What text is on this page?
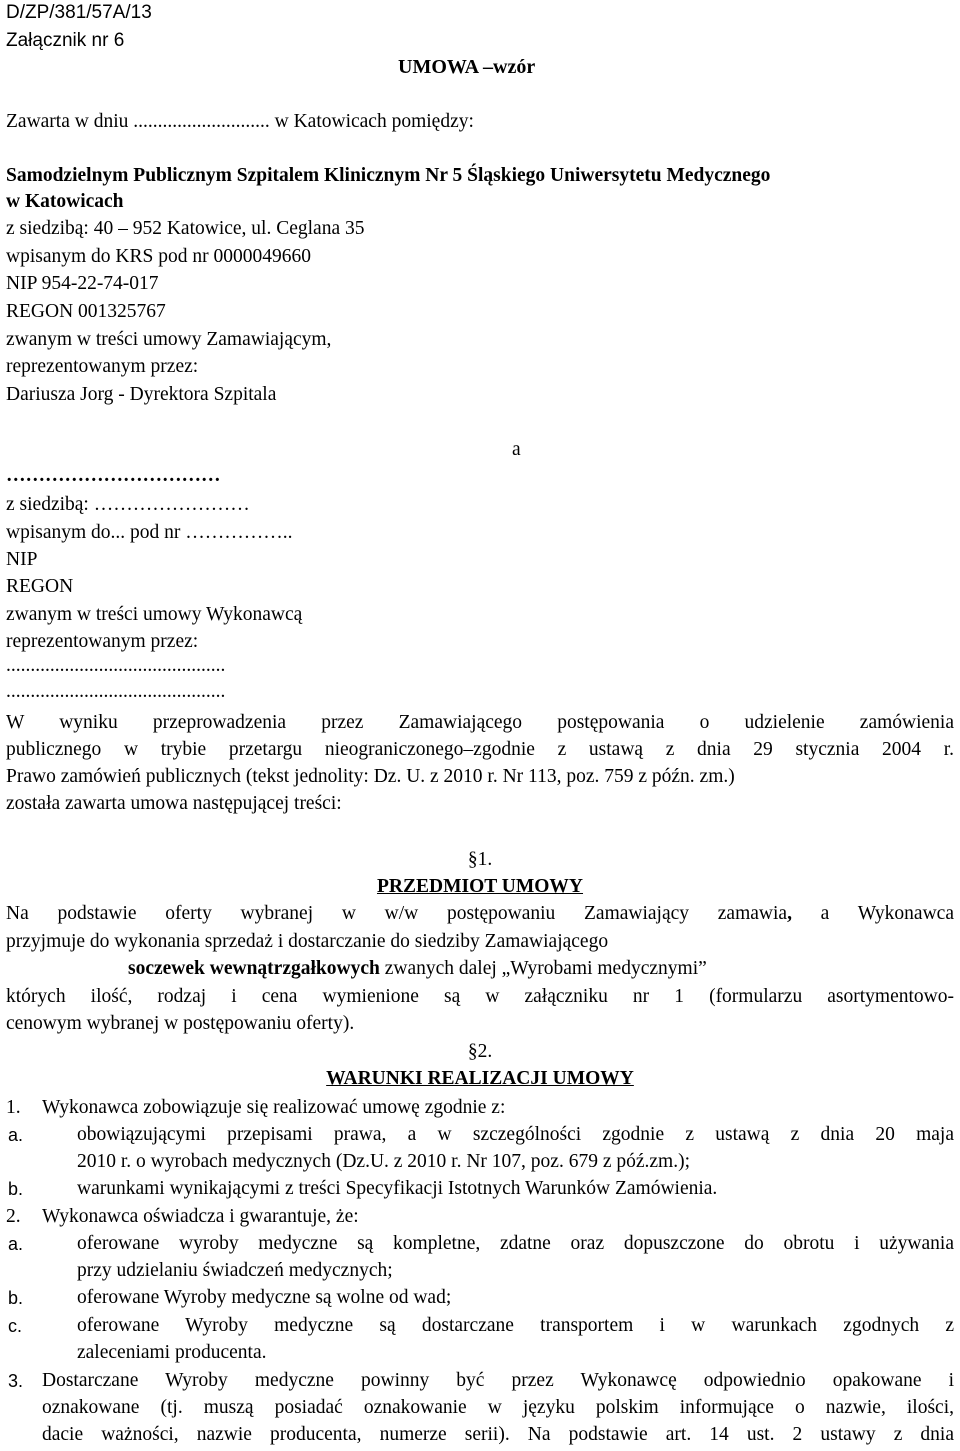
D/ZP/381/57A/13
Załącznik nr 6
UMOWA –wzór
Zawarta w dniu ............................ w Katowicach pomiędzy:
Samodzielnym Publicznym Szpitalem Klinicznym Nr 5 Śląskiego Uniwersytetu Medycznego
w Katowicach
z siedzibą: 40 – 952 Katowice, ul. Ceglana 35
wpisanym do KRS pod nr 0000049660
NIP 954-22-74-017
REGON 001325767
zwanym w treści umowy Zamawiającym,
reprezentowanym przez:
Dariusza Jorg - Dyrektora Szpitala
a
……………………………
z siedzibą: ……………………
wpisanym do... pod nr ……………..
NIP
REGON
zwanym w treści umowy Wykonawcą
reprezentowanym przez:
.............................................
.............................................
W wyniku przeprowadzenia przez Zamawiającego postępowania o udzielenie zamówienia
publicznego w trybie przetargu nieograniczonego–zgodnie z ustawą z dnia 29 stycznia 2004 r.
Prawo zamówień publicznych (tekst jednolity: Dz. U. z 2010 r. Nr 113, poz. 759 z późn. zm.)
została zawarta umowa następującej treści:
§1.
PRZEDMIOT UMOWY
Na podstawie oferty wybranej w w/w postępowaniu Zamawiający zamawia, a Wykonawca
przyjmuje do wykonania sprzedaż i dostarczanie do siedziby Zamawiającego
soczewek wewnątrzgałkowych zwanych dalej „Wyrobami medycznymi”
których ilość, rodzaj i cena wymienione są w załączniku nr 1 (formularzu asortymentowo-
cenowym wybranej w postępowaniu oferty).
§2.
WARUNKI REALIZACJI UMOWY
1. Wykonawca zobowiązuje się realizować umowę zgodnie z:
a.	obowiązującymi przepisami prawa, a w szczególności zgodnie z ustawą z dnia 20 maja
2010 r. o wyrobach medycznych (Dz.U. z 2010 r. Nr 107, poz. 679 z póź.zm.);
b.	warunkami wynikającymi z treści Specyfikacji Istotnych Warunków Zamówienia.
2. Wykonawca oświadcza i gwarantuje, że:
a.	oferowane wyroby medyczne są kompletne, zdatne oraz dopuszczone do obrotu i używania
przy udzielaniu świadczeń medycznych;
b.	oferowane Wyroby medyczne są wolne od wad;
c.	oferowane Wyroby medyczne są dostarczane transportem i w warunkach zgodnych z
zaleceniami producenta.
3. Dostarczane Wyroby medyczne powinny być przez Wykonawcę odpowiednio opakowane i
oznakowane (tj. muszą posiadać oznakowanie w języku polskim informujące o nazwie, ilości,
dacie ważności, nazwie producenta, numerze serii). Na podstawie art. 14 ust. 2 ustawy z dnia
